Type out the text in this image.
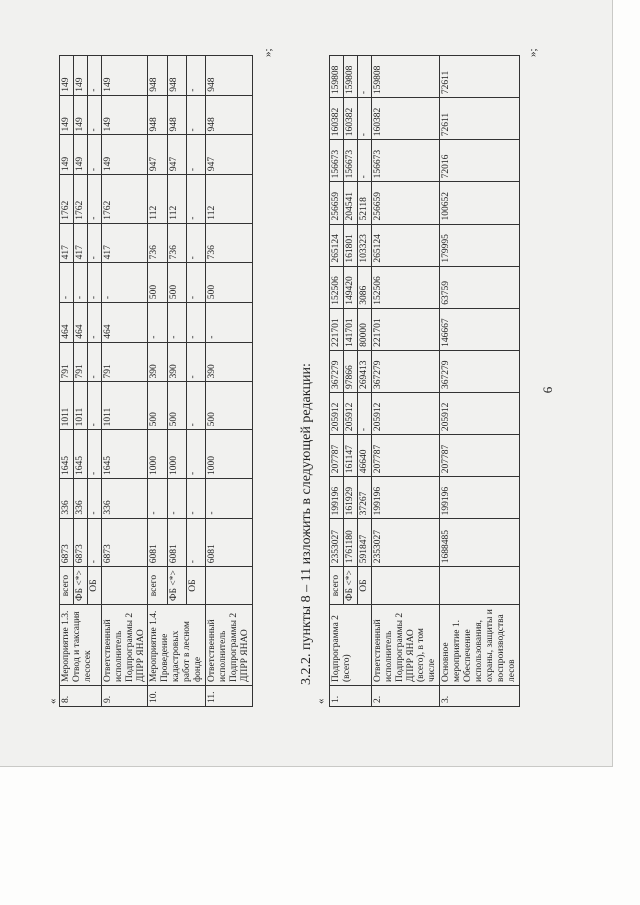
« 1.	Подпрограмма 2 (всего)	всего	2353027	199196	207787	205912	367279	221701	152506	265124	256659	156673	160382	159808
		ФБ <*>	1761180	161929	161147	205912	97866	141701	149420	161801	204541	156673	160382	159808
		ОБ	591847	37267	46640	-	269413	80000	3086	103323	52118	-	-	-
2.	Ответственный исполнитель Подпрограммы 2 ДПРР ЯНАО (всего), в том числе		2353027	199196	207787	205912	367279	221701	152506	265124	256659	156673	160382	159808
3.	Основное мероприятие 1. Обеспечение использования, охраны, защиты и воспроизводства лесов		1688485	199196	207787	205912	367279	146667	63759	179995	100652	72016	72611	72611
»;
3.2.2. пункты 8 – 11 изложить в следующей редакции:
« 8.	Мероприятие 1.3. Отвод и таксация лесосек	всего	6873	336	1645	1011	791	464	-	417	1762	149	149	149
		ФБ <*>	6873	336	1645	1011	791	464	-	417	1762	149	149	149
		ОБ	-	-	-	-	-	-	-	-	-	-	-	-
9.	Ответственный исполнитель Подпрограммы 2 ДПРР ЯНАО		6873	336	1645	1011	791	464	-	417	1762	149	149	149
10.	Мероприятие 1.4. Проведение кадастровых работ в лесном фонде	всего	6081	-	1000	500	390	-	500	736	112	947	948	948
		ФБ <*>	6081	-	1000	500	390	-	500	736	112	947	948	948
		ОБ	-	-	-	-	-	-	-	-	-	-	-	-
11.	Ответственный исполнитель Подпрограммы 2 ДПРР ЯНАО		6081	-	1000	500	390	-	500	736	112	947	948	948
»;
6
